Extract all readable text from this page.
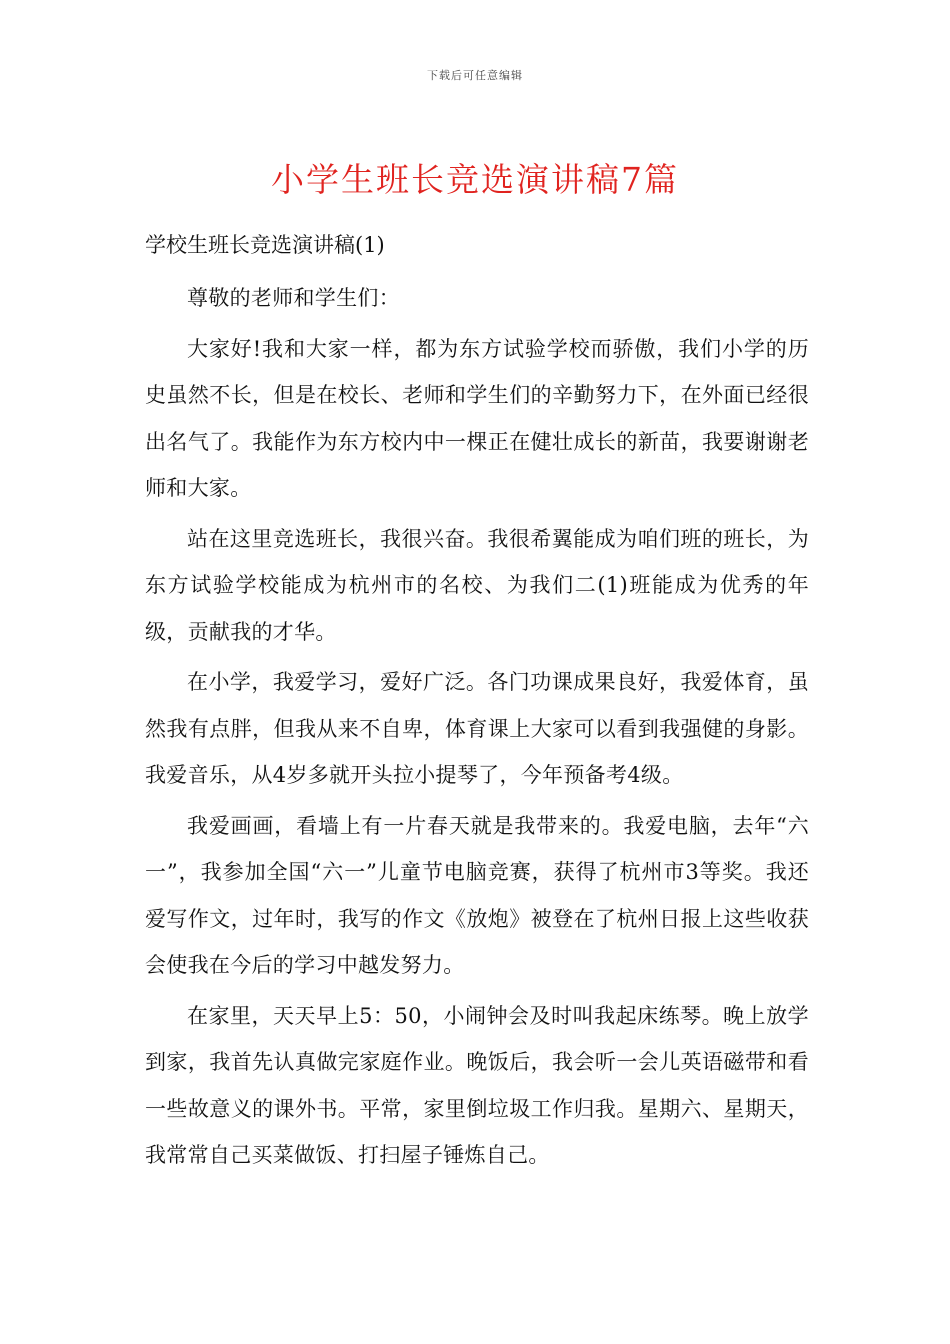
下载后可任意编辑
小学生班长竞选演讲稿7篇
学校生班长竞选演讲稿(1)

尊敬的老师和学生们：

大家好!我和大家一样，都为东方试验学校而骄傲，我们小学的历史虽然不长，但是在校长、老师和学生们的辛勤努力下，在外面已经很出名气了。我能作为东方校内中一棵正在健壮成长的新苗，我要谢谢老师和大家。

站在这里竞选班长，我很兴奋。我很希翼能成为咱们班的班长，为东方试验学校能成为杭州市的名校、为我们二(1)班能成为优秀的年级，贡献我的才华。

在小学，我爱学习，爱好广泛。各门功课成果良好，我爱体育，虽然我有点胖，但我从来不自卑，体育课上大家可以看到我强健的身影。我爱音乐，从4岁多就开头拉小提琴了，今年预备考4级。

我爱画画，看墙上有一片春天就是我带来的。我爱电脑，去年“六一”，我参加全国“六一”儿童节电脑竞赛，获得了杭州市3等奖。我还爱写作文，过年时，我写的作文《放炮》被登在了杭州日报上这些收获会使我在今后的学习中越发努力。

在家里，天天早上5：50，小闹钟会及时叫我起床练琴。晚上放学到家，我首先认真做完家庭作业。晚饭后，我会听一会儿英语磁带和看一些故意义的课外书。平常，家里倒垃圾工作归我。星期六、星期天，我常常自己买菜做饭、打扫屋子锤炼自己。
